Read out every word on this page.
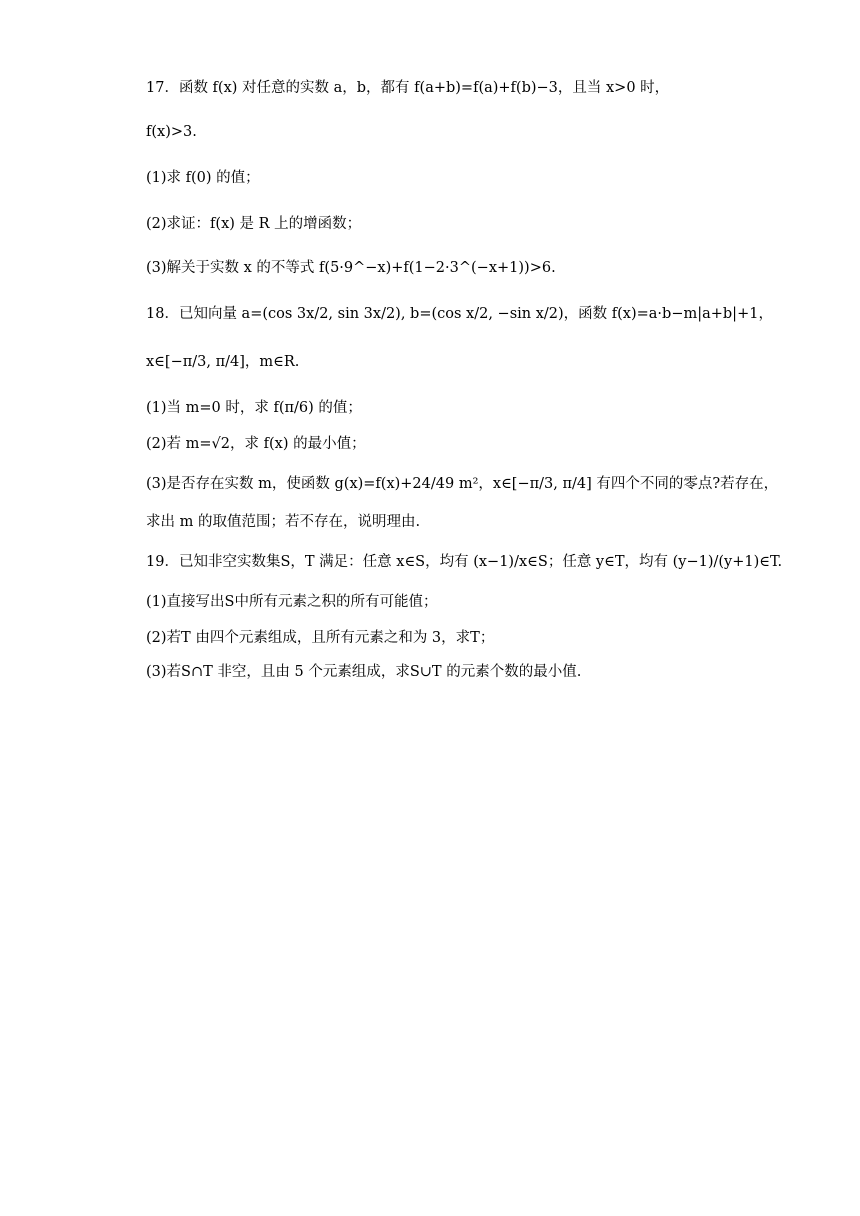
17．函数 f(x) 对任意的实数 a，b，都有 f(a+b)=f(a)+f(b)−3，且当 x>0 时，
f(x)>3.
(1)求 f(0) 的值；
(2)求证：f(x) 是 R 上的增函数；
(3)解关于实数 x 的不等式 f(5·9^−x)+f(1−2·3^(−x+1))>6.
18．已知向量 a=(cos 3x/2, sin 3x/2), b=(cos x/2, −sin x/2)，函数 f(x)=a·b−m|a+b|+1，
x∈[−π/3, π/4]，m∈R.
(1)当 m=0 时，求 f(π/6) 的值；
(2)若 m=√2，求 f(x) 的最小值；
(3)是否存在实数 m，使函数 g(x)=f(x)+24/49 m²，x∈[−π/3, π/4] 有四个不同的零点?若存在，
求出 m 的取值范围；若不存在，说明理由.
19．已知非空实数集S，T 满足：任意 x∈S，均有 (x−1)/x∈S；任意 y∈T，均有 (y−1)/(y+1)∈T.
(1)直接写出S中所有元素之积的所有可能值；
(2)若T 由四个元素组成，且所有元素之和为 3，求T；
(3)若S∩T 非空，且由 5 个元素组成，求S∪T 的元素个数的最小值.
